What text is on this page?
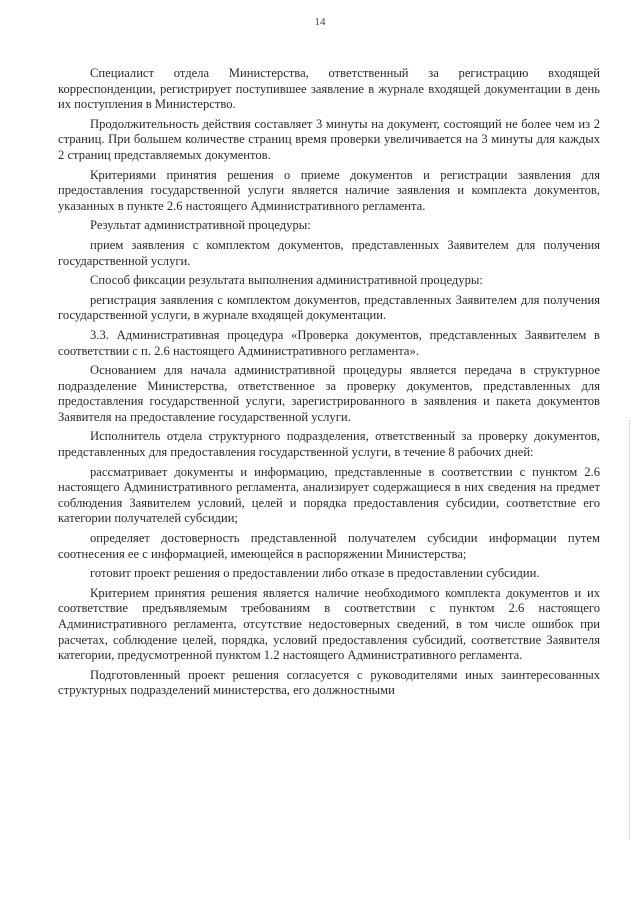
14

Специалист отдела Министерства, ответственный за регистрацию входящей корреспонденции, регистрирует поступившее заявление в журнале входящей документации в день их поступления в Министерство.

Продолжительность действия составляет 3 минуты на документ, состоящий не более чем из 2 страниц. При большем количестве страниц время проверки увеличивается на 3 минуты для каждых 2 страниц представляемых документов.

Критериями принятия решения о приеме документов и регистрации заявления для предоставления государственной услуги является наличие заявления и комплекта документов, указанных в пункте 2.6 настоящего Административного регламента.

Результат административной процедуры:

прием заявления с комплектом документов, представленных Заявителем для получения государственной услуги.

Способ фиксации результата выполнения административной процедуры:

регистрация заявления с комплектом документов, представленных Заявителем для получения государственной услуги, в журнале входящей документации.

3.3. Административная процедура «Проверка документов, представленных Заявителем в соответствии с п. 2.6 настоящего Административного регламента».

Основанием для начала административной процедуры является передача в структурное подразделение Министерства, ответственное за проверку документов, представленных для предоставления государственной услуги, зарегистрированного в заявления и пакета документов Заявителя на предоставление государственной услуги.

Исполнитель отдела структурного подразделения, ответственный за проверку документов, представленных для предоставления государственной услуги, в течение 8 рабочих дней:

рассматривает документы и информацию, представленные в соответствии с пунктом 2.6 настоящего Административного регламента, анализирует содержащиеся в них сведения на предмет соблюдения Заявителем условий, целей и порядка предоставления субсидии, соответствие его категории получателей субсидии;

определяет достоверность представленной получателем субсидии информации путем соотнесения ее с информацией, имеющейся в распоряжении Министерства;

готовит проект решения о предоставлении либо отказе в предоставлении субсидии.

Критерием принятия решения является наличие необходимого комплекта документов и их соответствие предъявляемым требованиям в соответствии с пунктом 2.6 настоящего Административного регламента, отсутствие недостоверных сведений, в том числе ошибок при расчетах, соблюдение целей, порядка, условий предоставления субсидий, соответствие Заявителя категории, предусмотренной пунктом 1.2 настоящего Административного регламента.

Подготовленный проект решения согласуется с руководителями иных заинтересованных структурных подразделений министерства, его должностными
